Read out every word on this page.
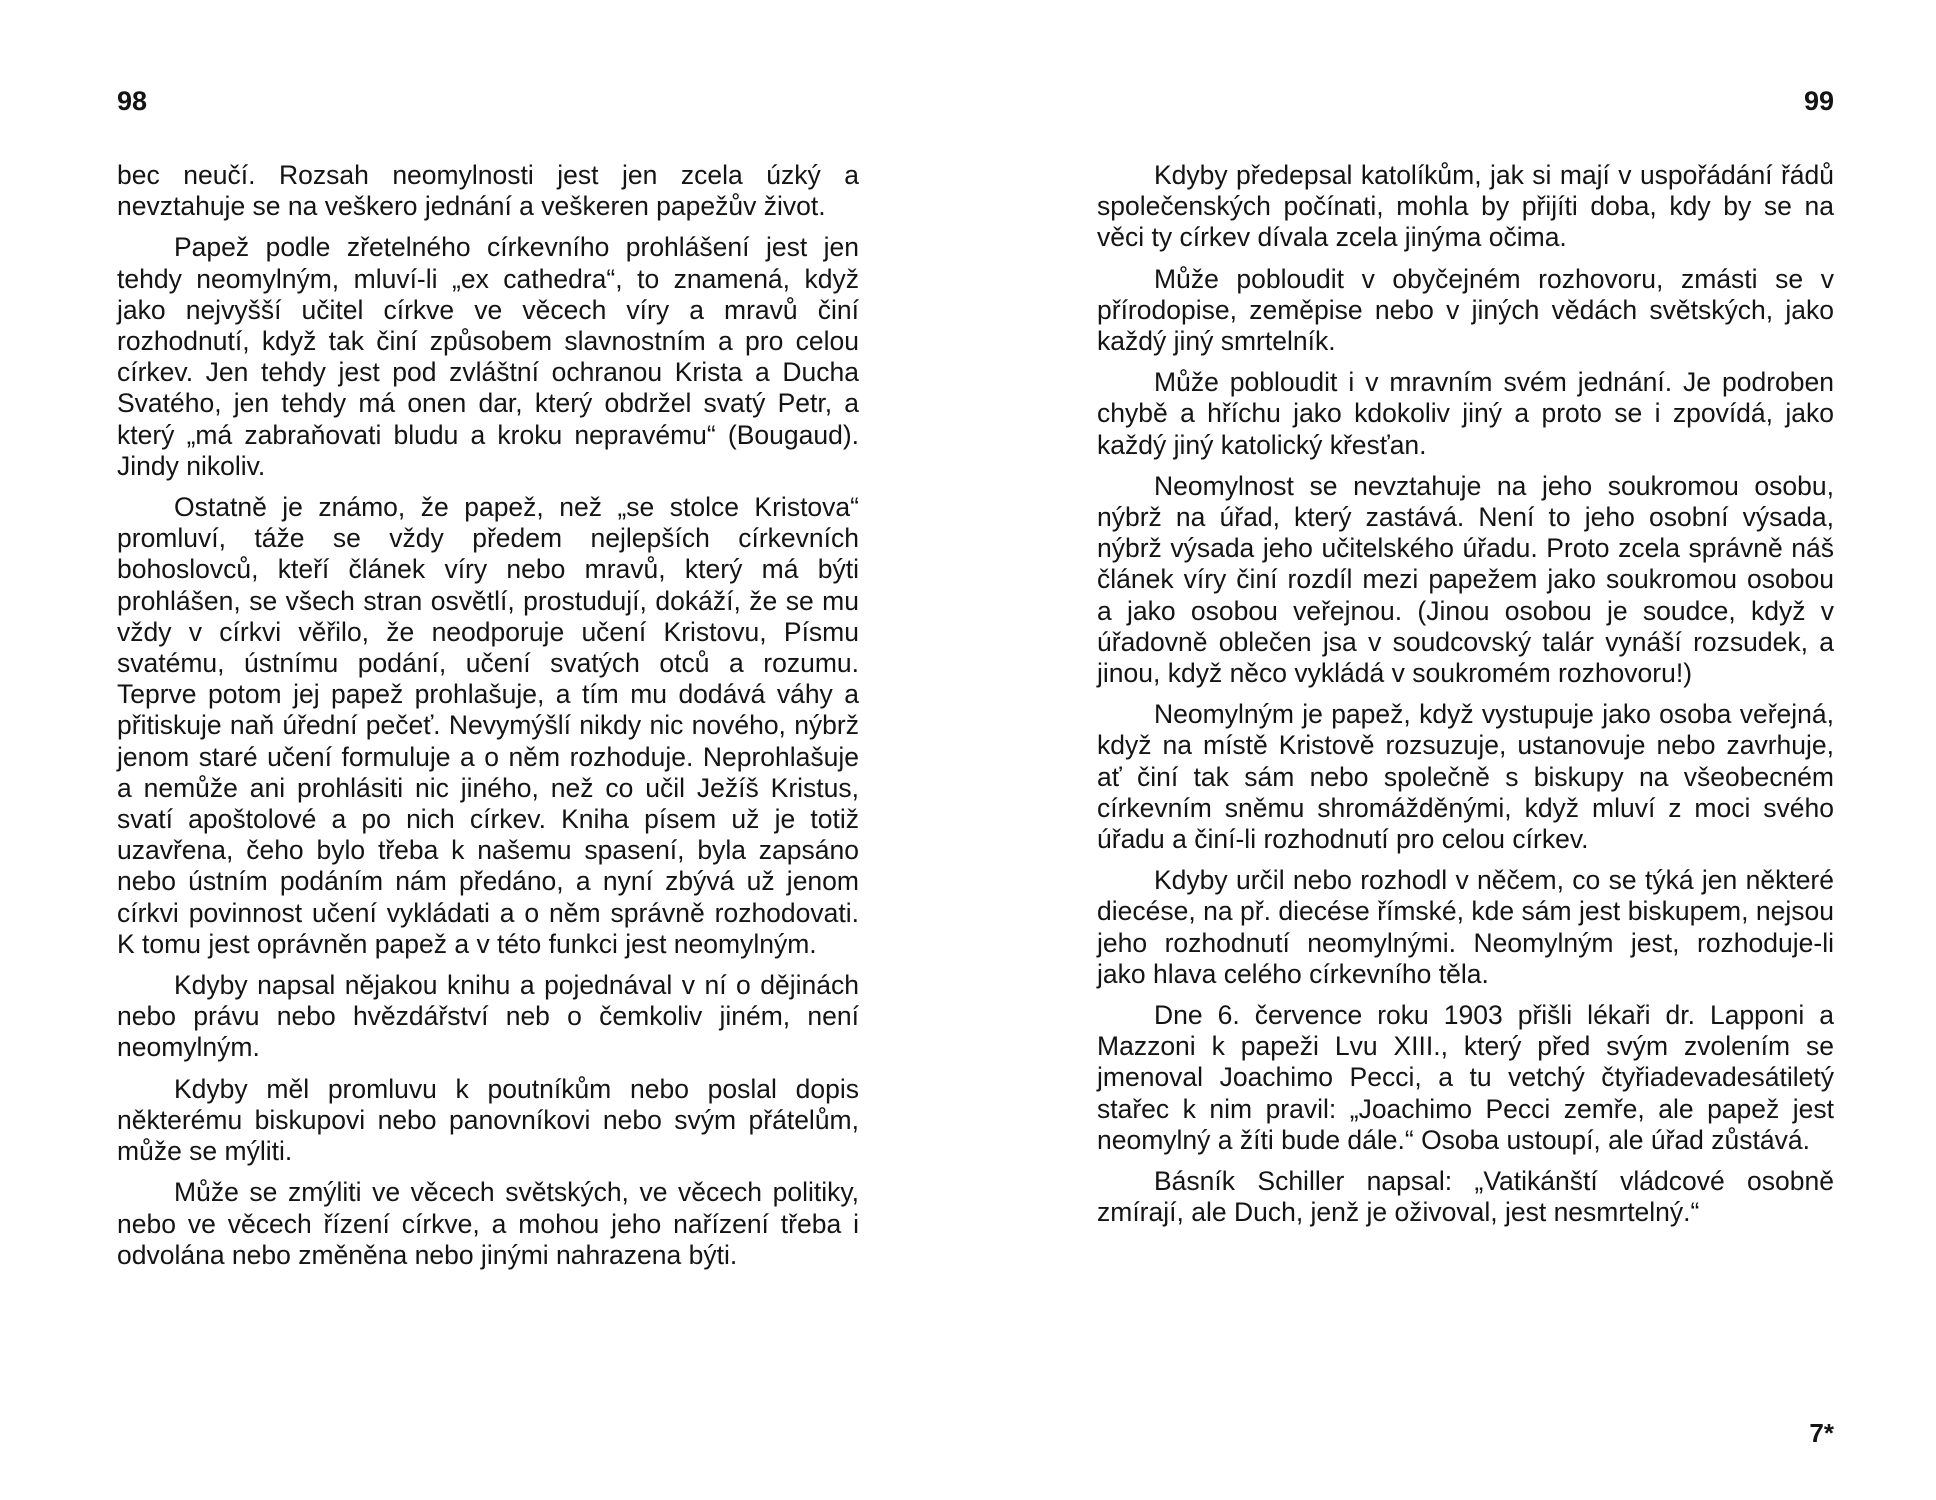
98

bec neučí. Rozsah neomylnosti jest jen zcela úzký a nevztahuje se na veškero jednání a veškeren papežův život.

Papež podle zřetelného církevního prohlášení jest jen tehdy neomylným, mluví-li „ex cathedra“, to znamená, když jako nejvyšší učitel církve ve věcech víry a mravů činí rozhodnutí, když tak činí způsobem slavnostním a pro celou církev. Jen tehdy jest pod zvláštní ochranou Krista a Ducha Svatého, jen tehdy má onen dar, který obdržel svatý Petr, a který „má zabraňovati bludu a kroku nepravému“ (Bougaud). Jindy nikoliv.

Ostatně je známo, že papež, než „se stolce Kristova“ promluví, táže se vždy předem nejlepších církevních bohoslovců, kteří článek víry nebo mravů, který má býti prohlášen, se všech stran osvětlí, prostudují, dokáží, že se mu vždy v církvi věřilo, že neodporuje učení Kristovu, Písmu svatému, ústnímu podání, učení svatých otců a rozumu. Teprve potom jej papež prohlašuje, a tím mu dodává váhy a přitiskuje naň úřední pečeť. Nevymýšlí nikdy nic nového, nýbrž jenom staré učení formuluje a o něm rozhoduje. Neprohlašuje a nemůže ani prohlásiti nic jiného, než co učil Ježíš Kristus, svatí apoštolové a po nich církev. Kniha písem už je totiž uzavřena, čeho bylo třeba k našemu spasení, byla zapsáno nebo ústním podáním nám předáno, a nyní zbývá už jenom církvi povinnost učení vykládati a o něm správně rozhodovati. K tomu jest oprávněn papež a v této funkci jest neomylným.

Kdyby napsal nějakou knihu a pojednával v ní o dějinách nebo právu nebo hvězdářství neb o čemkoliv jiném, není neomylným.

Kdyby měl promluvu k poutníkům nebo poslal dopis některému biskupovi nebo panovníkovi nebo svým přátelům, může se mýliti.

Může se zmýliti ve věcech světských, ve věcech politiky, nebo ve věcech řízení církve, a mohou jeho nařízení třeba i odvolána nebo změněna nebo jinými nahrazena býti.

99

Kdyby předepsal katolíkům, jak si mají v uspořádání řádů společenských počínati, mohla by přijíti doba, kdy by se na věci ty církev dívala zcela jinýma očima.

Může pobloudit v obyčejném rozhovoru, zmásti se v přírodopise, zeměpise nebo v jiných vědách světských, jako každý jiný smrtelník.

Může pobloudit i v mravním svém jednání. Je podroben chybě a hříchu jako kdokoliv jiný a proto se i zpovídá, jako každý jiný katolický křesťan.

Neomylnost se nevztahuje na jeho soukromou osobu, nýbrž na úřad, který zastává. Není to jeho osobní výsada, nýbrž výsada jeho učitelského úřadu. Proto zcela správně náš článek víry činí rozdíl mezi papežem jako soukromou osobou a jako osobou veřejnou. (Jinou osobou je soudce, když v úřadovně oblečen jsa v soudcovský talár vynáší rozsudek, a jinou, když něco vykládá v soukromém rozhovoru!)

Neomylným je papež, když vystupuje jako osoba veřejná, když na místě Kristově rozsuzuje, ustanovuje nebo zavrhuje, ať činí tak sám nebo společně s biskupy na všeobecném církevním sněmu shromážděnými, když mluví z moci svého úřadu a činí-li rozhodnutí pro celou církev.

Kdyby určil nebo rozhodl v něčem, co se týká jen některé diecése, na př. diecése římské, kde sám jest biskupem, nejsou jeho rozhodnutí neomylnými. Neomylným jest, rozhoduje-li jako hlava celého církevního těla.

Dne 6. července roku 1903 přišli lékaři dr. Lapponi a Mazzoni k papeži Lvu XIII., který před svým zvolením se jmenoval Joachimo Pecci, a tu vetchý čtyřiadevadesátiletý stařec k nim pravil: „Joachimo Pecci zemře, ale papež jest neomylný a žíti bude dále.“ Osoba ustoupí, ale úřad zůstává.

Básník Schiller napsal: „Vatikánští vládcové osobně zmírají, ale Duch, jenž je oživoval, jest nesmrtelný.“

7*
